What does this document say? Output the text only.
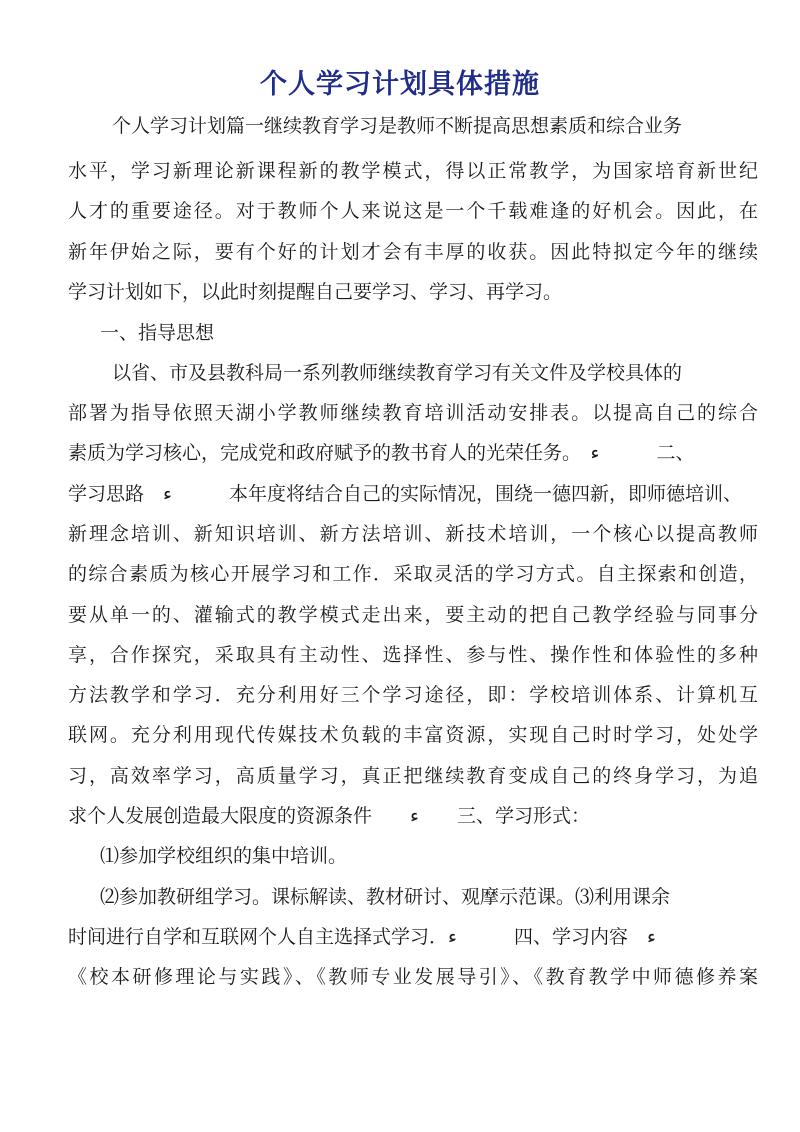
个人学习计划具体措施

个人学习计划篇一继续教育学习是教师不断提高思想素质和综合业务

水平，学习新理论新课程新的教学模式，得以正常教学，为国家培育新世纪

人才的重要途径。对于教师个人来说这是一个千载难逢的好机会。因此，在

新年伊始之际，要有个好的计划才会有丰厚的收获。因此特拟定今年的继续

学习计划如下，以此时刻提醒自己要学习、学习、再学习。

一、指导思想

以省、市及县教科局一系列教师继续教育学习有关文件及学校具体的

部署为指导依照天湖小学教师继续教育培训活动安排表。以提高自己的综合

素质为学习核心，完成党和政府赋予的教书育人的光荣任务。　ء　　　二、

学习思路　ء　　　本年度将结合自己的实际情况，围绕一德四新，即师德培训、

新理念培训、新知识培训、新方法培训、新技术培训，一个核心以提高教师

的综合素质为核心开展学习和工作．采取灵活的学习方式。自主探索和创造，

要从单一的、灌输式的教学模式走出来，要主动的把自己教学经验与同事分

享，合作探究，采取具有主动性、选择性、参与性、操作性和体验性的多种

方法教学和学习．充分利用好三个学习途径，即：学校培训体系、计算机互

联网。充分利用现代传媒技术负载的丰富资源，实现自己时时学习，处处学

习，高效率学习，高质量学习，真正把继续教育变成自己的终身学习，为追

求个人发展创造最大限度的资源条件　　ء　　三、学习形式：

⑴参加学校组织的集中培训。

⑵参加教研组学习。课标解读、教材研讨、观摩示范课。⑶利用课余

时间进行自学和互联网个人自主选择式学习．ء　　　四、学习内容　ء

《校本研修理论与实践》、《教师专业发展导引》、《教育教学中师德修养案
